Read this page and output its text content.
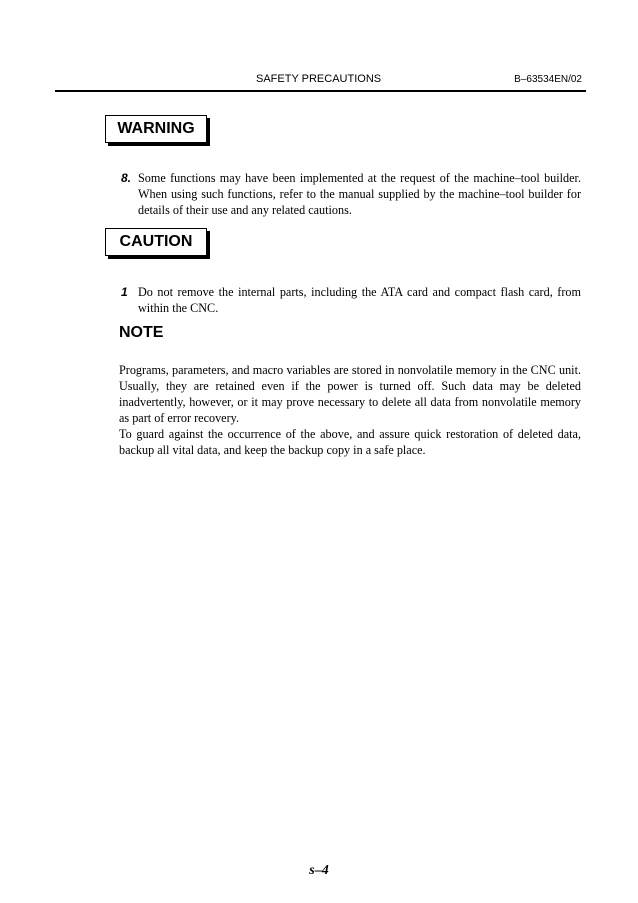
SAFETY PRECAUTIONS	B–63534EN/02
WARNING
8. Some functions may have been implemented at the request of the machine–tool builder. When using such functions, refer to the manual supplied by the machine–tool builder for details of their use and any related cautions.
CAUTION
1 Do not remove the internal parts, including the ATA card and compact flash card, from within the CNC.
NOTE

Programs, parameters, and macro variables are stored in nonvolatile memory in the CNC unit. Usually, they are retained even if the power is turned off. Such data may be deleted inadvertently, however, or it may prove necessary to delete all data from nonvolatile memory as part of error recovery.

To guard against the occurrence of the above, and assure quick restoration of deleted data, backup all vital data, and keep the backup copy in a safe place.

s–4
